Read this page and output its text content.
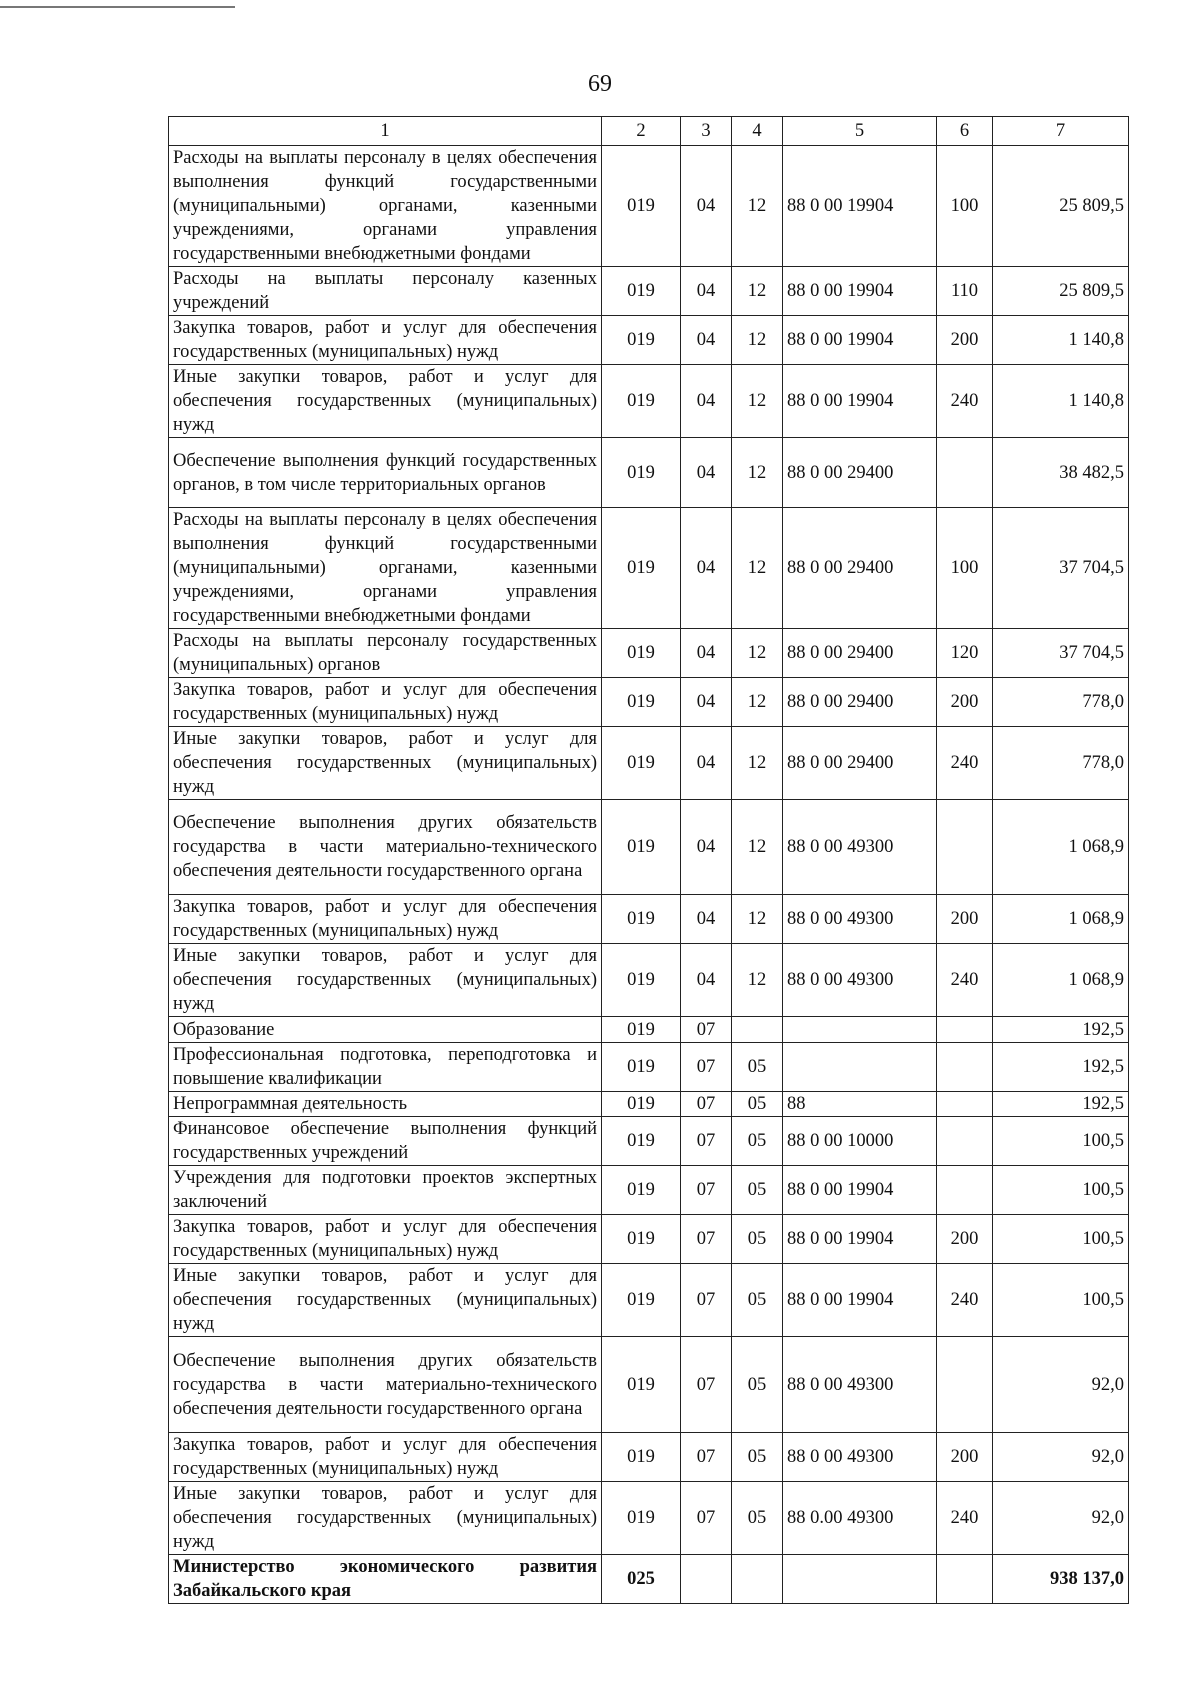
69
1	2	3	4	5	6	7
Расходы на выплаты персоналу в целях обеспечения выполнения функций государственными (муниципальными) органами, казенными учреждениями, органами управления государственными внебюджетными фондами	019	04	12	88 0 00 19904	100	25 809,5
Расходы на выплаты персоналу казенных учреждений	019	04	12	88 0 00 19904	110	25 809,5
Закупка товаров, работ и услуг для обеспечения государственных (муниципальных) нужд	019	04	12	88 0 00 19904	200	1 140,8
Иные закупки товаров, работ и услуг для обеспечения государственных (муниципальных) нужд	019	04	12	88 0 00 19904	240	1 140,8
Обеспечение выполнения функций государственных органов, в том числе территориальных органов	019	04	12	88 0 00 29400		38 482,5
Расходы на выплаты персоналу в целях обеспечения выполнения функций государственными (муниципальными) органами, казенными учреждениями, органами управления государственными внебюджетными фондами	019	04	12	88 0 00 29400	100	37 704,5
Расходы на выплаты персоналу государственных (муниципальных) органов	019	04	12	88 0 00 29400	120	37 704,5
Закупка товаров, работ и услуг для обеспечения государственных (муниципальных) нужд	019	04	12	88 0 00 29400	200	778,0
Иные закупки товаров, работ и услуг для обеспечения государственных (муниципальных) нужд	019	04	12	88 0 00 29400	240	778,0
Обеспечение выполнения других обязательств государства в части материально-технического обеспечения деятельности государственного органа	019	04	12	88 0 00 49300		1 068,9
Закупка товаров, работ и услуг для обеспечения государственных (муниципальных) нужд	019	04	12	88 0 00 49300	200	1 068,9
Иные закупки товаров, работ и услуг для обеспечения государственных (муниципальных) нужд	019	04	12	88 0 00 49300	240	1 068,9
Образование	019	07				192,5
Профессиональная подготовка, переподготовка и повышение квалификации	019	07	05			192,5
Непрограммная деятельность	019	07	05	88		192,5
Финансовое обеспечение выполнения функций государственных учреждений	019	07	05	88 0 00 10000		100,5
Учреждения для подготовки проектов экспертных заключений	019	07	05	88 0 00 19904		100,5
Закупка товаров, работ и услуг для обеспечения государственных (муниципальных) нужд	019	07	05	88 0 00 19904	200	100,5
Иные закупки товаров, работ и услуг для обеспечения государственных (муниципальных) нужд	019	07	05	88 0 00 19904	240	100,5
Обеспечение выполнения других обязательств государства в части материально-технического обеспечения деятельности государственного органа	019	07	05	88 0 00 49300		92,0
Закупка товаров, работ и услуг для обеспечения государственных (муниципальных) нужд	019	07	05	88 0 00 49300	200	92,0
Иные закупки товаров, работ и услуг для обеспечения государственных (муниципальных) нужд	019	07	05	88 0.00 49300	240	92,0
Министерство экономического развития Забайкальского края	025					938 137,0
